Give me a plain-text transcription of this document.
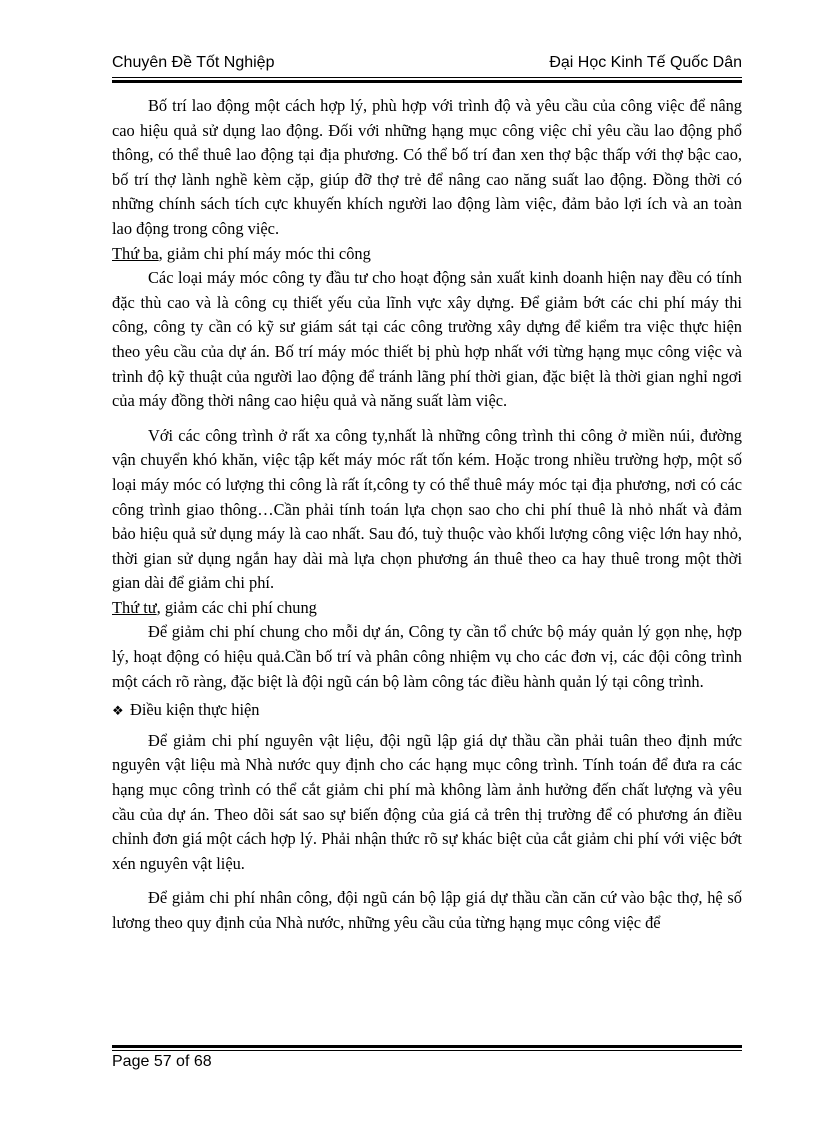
Chuyên Đề Tốt Nghiệp	Đại Học Kinh Tế Quốc Dân

Bố trí lao động một cách hợp lý, phù hợp với trình độ và yêu cầu của công việc để nâng cao hiệu quả sử dụng lao động. Đối với những hạng mục công việc chỉ yêu cầu lao động phổ thông, có thể thuê lao động tại địa phương. Có thể bố trí đan xen thợ bậc thấp với thợ bậc cao, bố trí thợ lành nghề kèm cặp, giúp đỡ thợ trẻ để nâng cao năng suất lao động. Đồng thời có những chính sách tích cực khuyến khích người lao động làm việc, đảm bảo lợi ích và an toàn lao động trong công việc.

Thứ ba, giảm chi phí máy móc thi công

Các loại máy móc công ty đầu tư cho hoạt động sản xuất kinh doanh hiện nay đều có tính đặc thù cao và là công cụ thiết yếu của lĩnh vực xây dựng. Để giảm bớt các chi phí máy thi công, công ty cần có kỹ sư giám sát tại các công trường xây dựng để kiểm tra việc thực hiện theo yêu cầu của dự án. Bố trí máy móc thiết bị phù hợp nhất với từng hạng mục công việc và trình độ kỹ thuật của người lao động để tránh lãng phí thời gian, đặc biệt là thời gian nghỉ ngơi của máy đồng thời nâng cao hiệu quả và năng suất làm việc.

Với các công trình ở rất xa công ty,nhất là những công trình thi công ở miền núi, đường vận chuyển khó khăn, việc tập kết máy móc rất tốn kém. Hoặc trong nhiều trường hợp, một số loại máy móc có lượng thi công là rất ít,công ty có thể thuê máy móc tại địa phương, nơi có các công trình giao thông…Cần phải tính toán lựa chọn sao cho chi phí thuê là nhỏ nhất và đảm bảo hiệu quả sử dụng máy là cao nhất. Sau đó, tuỳ thuộc vào khối lượng công việc lớn hay nhỏ, thời gian sử dụng ngắn hay dài mà lựa chọn phương án thuê theo ca hay thuê trong một thời gian dài để giảm chi phí.

Thứ tư, giảm các chi phí chung

Để giảm chi phí chung cho mỗi dự án, Công ty cần tổ chức bộ máy quản lý gọn nhẹ, hợp lý, hoạt động có hiệu quả.Cần bố trí và phân công nhiệm vụ cho các đơn vị, các đội công trình một cách rõ ràng, đặc biệt là đội ngũ cán bộ làm công tác điều hành quản lý tại công trình.

❖ Điều kiện thực hiện

Để giảm chi phí nguyên vật liệu, đội ngũ lập giá dự thầu cần phải tuân theo định mức nguyên vật liệu mà Nhà nước quy định cho các hạng mục công trình. Tính toán để đưa ra các hạng mục công trình có thể cắt giảm chi phí mà không làm ảnh hưởng đến chất lượng và yêu cầu của dự án. Theo dõi sát sao sự biến động của giá cả trên thị trường để có phương án điều chỉnh đơn giá một cách hợp lý. Phải nhận thức rõ sự khác biệt của cắt giảm chi phí với việc bớt xén nguyên vật liệu.

Để giảm chi phí nhân công, đội ngũ cán bộ lập giá dự thầu cần căn cứ vào bậc thợ, hệ số lương theo quy định của Nhà nước, những yêu cầu của từng hạng mục công việc để

Page 57 of 68
